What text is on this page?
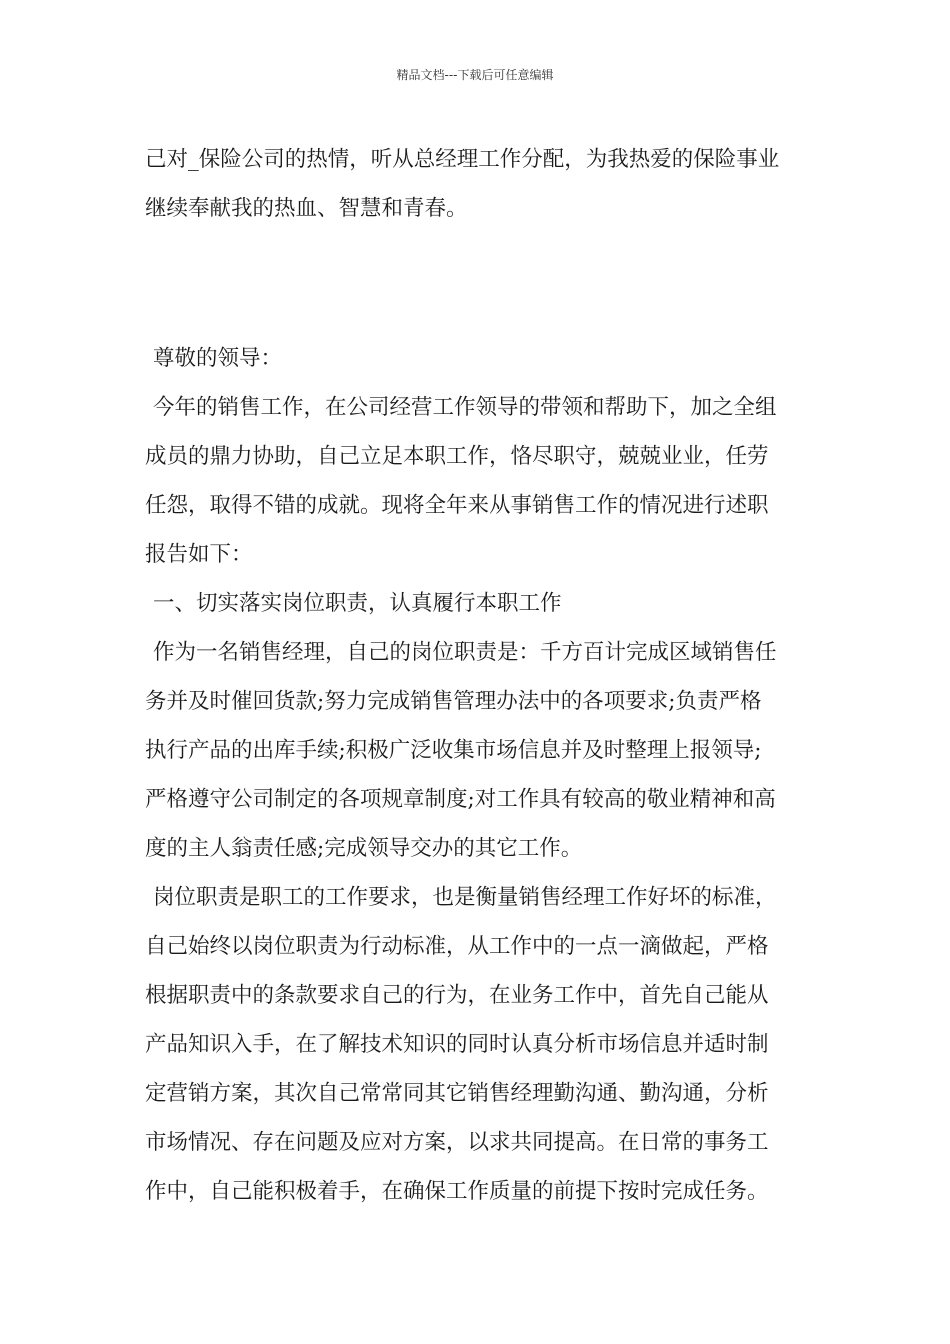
精品文档---下载后可任意编辑
己对_保险公司的热情，听从总经理工作分配，为我热爱的保险事业
继续奉献我的热血、智慧和青春。
尊敬的领导：
今年的销售工作，在公司经营工作领导的带领和帮助下，加之全组
成员的鼎力协助，自己立足本职工作，恪尽职守，兢兢业业，任劳
任怨，取得不错的成就。现将全年来从事销售工作的情况进行述职
报告如下：
一、切实落实岗位职责，认真履行本职工作
作为一名销售经理，自己的岗位职责是：千方百计完成区域销售任
务并及时催回货款;努力完成销售管理办法中的各项要求;负责严格
执行产品的出库手续;积极广泛收集市场信息并及时整理上报领导;
严格遵守公司制定的各项规章制度;对工作具有较高的敬业精神和高
度的主人翁责任感;完成领导交办的其它工作。
岗位职责是职工的工作要求，也是衡量销售经理工作好坏的标准，
自己始终以岗位职责为行动标准，从工作中的一点一滴做起，严格
根据职责中的条款要求自己的行为，在业务工作中，首先自己能从
产品知识入手，在了解技术知识的同时认真分析市场信息并适时制
定营销方案，其次自己常常同其它销售经理勤沟通、勤沟通，分析
市场情况、存在问题及应对方案，以求共同提高。在日常的事务工
作中，自己能积极着手，在确保工作质量的前提下按时完成任务。
